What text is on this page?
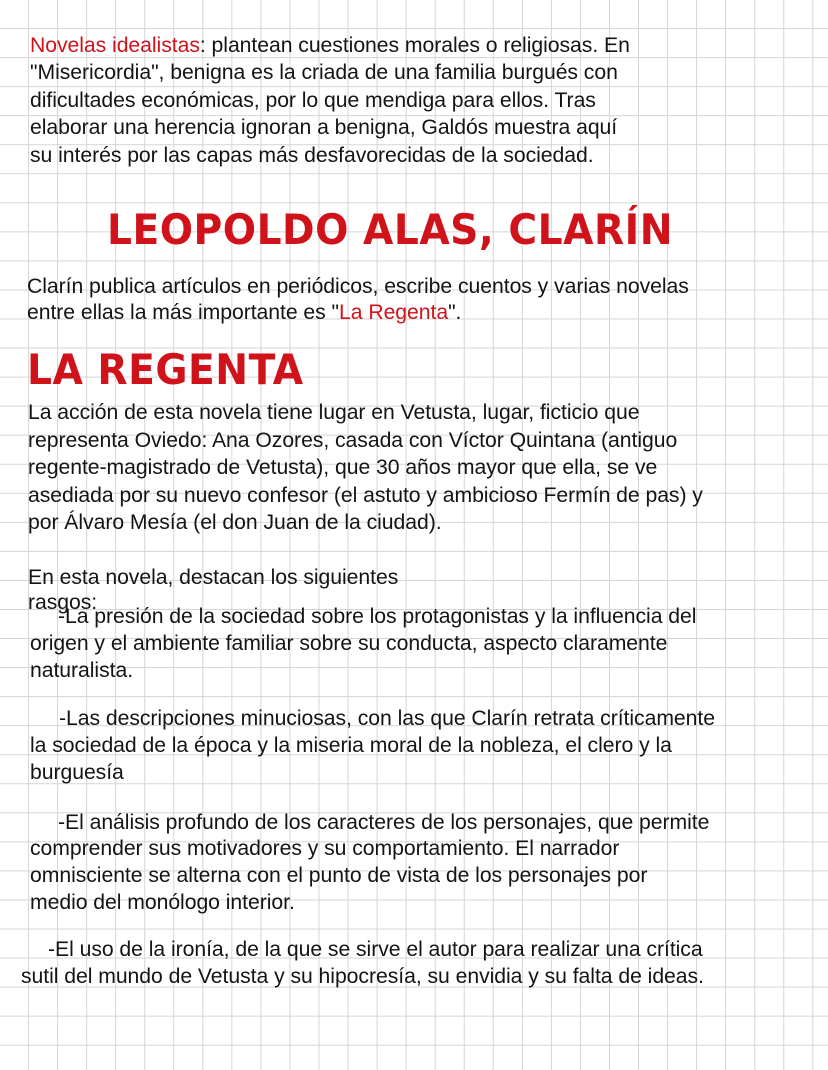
Novelas idealistas: plantean cuestiones morales o religiosas. En
"Misericordia", benigna es la criada de una familia burgués con
dificultades económicas, por lo que mendiga para ellos. Tras
elaborar una herencia ignoran a benigna, Galdós muestra aquí
su interés por las capas más desfavorecidas de la sociedad.
LEOPOLDO ALAS, CLARÍN
Clarín publica artículos en periódicos, escribe cuentos y varias novelas
entre ellas la más importante es "La Regenta".
LA REGENTA
La acción de esta novela tiene lugar en Vetusta, lugar, ficticio que
representa Oviedo: Ana Ozores, casada con Víctor Quintana (antiguo
regente-magistrado de Vetusta), que 30 años mayor que ella, se ve
asediada por su nuevo confesor (el astuto y ambicioso Fermín de pas) y
por Álvaro Mesía (el don Juan de la ciudad).
En esta novela, destacan los siguientes
rasgos:
-La presión de la sociedad sobre los protagonistas y la influencia del
origen y el ambiente familiar sobre su conducta, aspecto claramente
naturalista.
-Las descripciones minuciosas, con las que Clarín retrata críticamente
la sociedad de la época y la miseria moral de la nobleza, el clero y la
burguesía
-El análisis profundo de los caracteres de los personajes, que permite
comprender sus motivadores y su comportamiento. El narrador
omnisciente se alterna con el punto de vista de los personajes por
medio del monólogo interior.
-El uso de la ironía, de la que se sirve el autor para realizar una crítica
sutil del mundo de Vetusta y su hipocresía, su envidia y su falta de ideas.
